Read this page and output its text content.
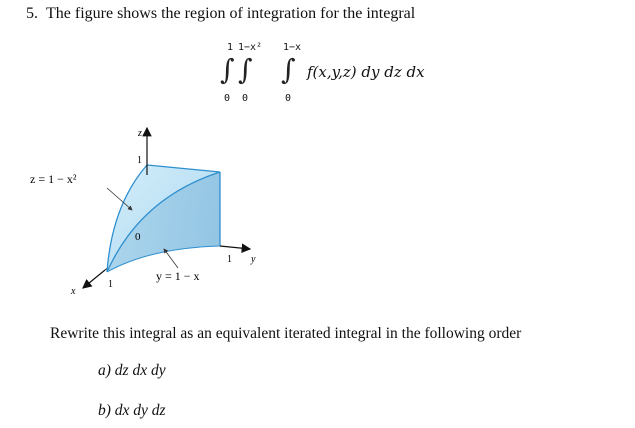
5. The figure shows the region of integration for the integral
1 1−x² 1−x
∫ ∫ ∫
0 0	0
f(x,y,z) dy dz dx
z
y
x
1
1
1
0
z = 1 − x²
y = 1 − x
Rewrite this integral as an equivalent iterated integral in the following order
a) dz dx dy
b) dx dy dz
